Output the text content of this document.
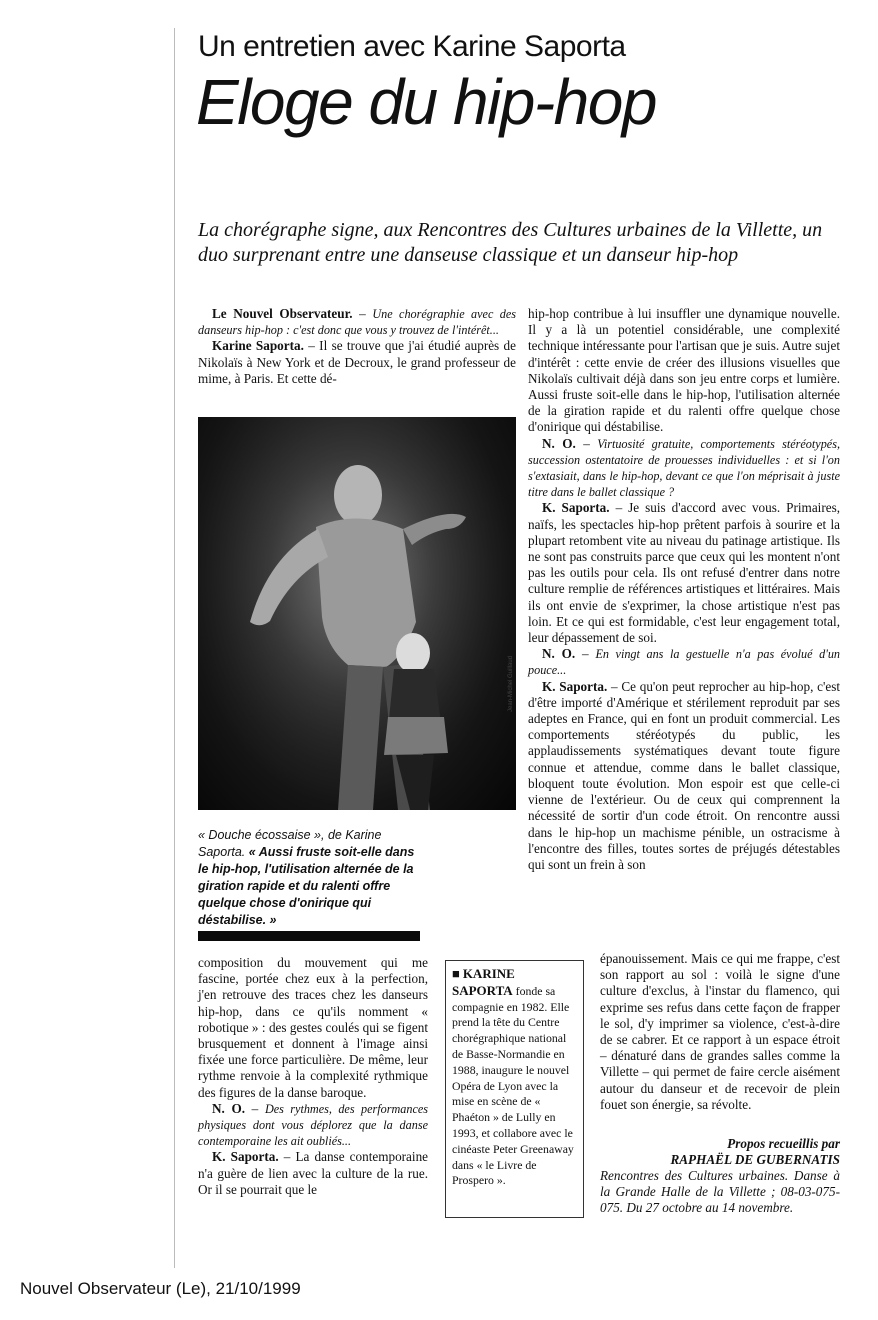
Un entretien avec Karine Saporta
Eloge du hip-hop
La chorégraphe signe, aux Rencontres des Cultures urbaines de la Villette, un duo surprenant entre une danseuse classique et un danseur hip-hop

Le Nouvel Observateur. – Une chorégraphie avec des danseurs hip-hop : c'est donc que vous y trouvez de l'intérêt...

Karine Saporta. – Il se trouve que j'ai étudié auprès de Nikolaïs à New York et de Decroux, le grand professeur de mime, à Paris. Et cette dé-

Jean-Michel Guillaud
« Douche écossaise », de Karine Saporta. « Aussi fruste soit-elle dans le hip-hop, l'utilisation alternée de la giration rapide et du ralenti offre quelque chose d'onirique qui déstabilise. »

composition du mouvement qui me fascine, portée chez eux à la perfection, j'en retrouve des traces chez les danseurs hip-hop, dans ce qu'ils nomment « robotique » : des gestes coulés qui se figent brusquement et donnent à l'image ainsi fixée une force particulière. De même, leur rythme renvoie à la complexité rythmique des figures de la danse baroque.

N. O. – Des rythmes, des performances physiques dont vous déplorez que la danse contemporaine les ait oubliés...

K. Saporta. – La danse contemporaine n'a guère de lien avec la culture de la rue. Or il se pourrait que le

hip-hop contribue à lui insuffler une dynamique nouvelle. Il y a là un potentiel considérable, une complexité technique intéressante pour l'artisan que je suis. Autre sujet d'intérêt : cette envie de créer des illusions visuelles que Nikolaïs cultivait déjà dans son jeu entre corps et lumière. Aussi fruste soit-elle dans le hip-hop, l'utilisation alternée de la giration rapide et du ralenti offre quelque chose d'onirique qui déstabilise.

N. O. – Virtuosité gratuite, comportements stéréotypés, succession ostentatoire de prouesses individuelles : et si l'on s'extasiait, dans le hip-hop, devant ce que l'on méprisait à juste titre dans le ballet classique ?

K. Saporta. – Je suis d'accord avec vous. Primaires, naïfs, les spectacles hip-hop prêtent parfois à sourire et la plupart retombent vite au niveau du patinage artistique. Ils ne sont pas construits parce que ceux qui les montent n'ont pas les outils pour cela. Ils ont refusé d'entrer dans notre culture remplie de références artistiques et littéraires. Mais ils ont envie de s'exprimer, la chose artistique n'est pas loin. Et ce qui est formidable, c'est leur engagement total, leur dépassement de soi.

N. O. – En vingt ans la gestuelle n'a pas évolué d'un pouce...

K. Saporta. – Ce qu'on peut reprocher au hip-hop, c'est d'être importé d'Amérique et stérilement reproduit par ses adeptes en France, qui en font un produit commercial. Les comportements stéréotypés du public, les applaudissements systématiques devant toute figure connue et attendue, comme dans le ballet classique, bloquent toute évolution. Mon espoir est que celle-ci vienne de l'extérieur. Ou de ceux qui comprennent la nécessité de sortir d'un code étroit. On rencontre aussi dans le hip-hop un machisme pénible, un ostracisme à l'encontre des filles, toutes sortes de préjugés détestables qui sont un frein à son

épanouissement. Mais ce qui me frappe, c'est son rapport au sol : voilà le signe d'une culture d'exclus, à l'instar du flamenco, qui exprime ses refus dans cette façon de frapper le sol, d'y imprimer sa violence, c'est-à-dire de se cabrer. Et ce rapport à un espace étroit – dénaturé dans de grandes salles comme la Villette – qui permet de faire cercle aisément autour du danseur et de recevoir de plein fouet son énergie, sa révolte.

Propos recueillis par
RAPHAËL DE GUBERNATIS
Rencontres des Cultures urbaines. Danse à la Grande Halle de la Villette ; 08-03-075-075. Du 27 octobre au 14 novembre.
■ KARINE SAPORTA fonde sa compagnie en 1982. Elle prend la tête du Centre chorégraphique national de Basse-Normandie en 1988, inaugure le nouvel Opéra de Lyon avec la mise en scène de « Phaéton » de Lully en 1993, et collabore avec le cinéaste Peter Greenaway dans « le Livre de Prospero ».
Nouvel Observateur (Le), 21/10/1999
